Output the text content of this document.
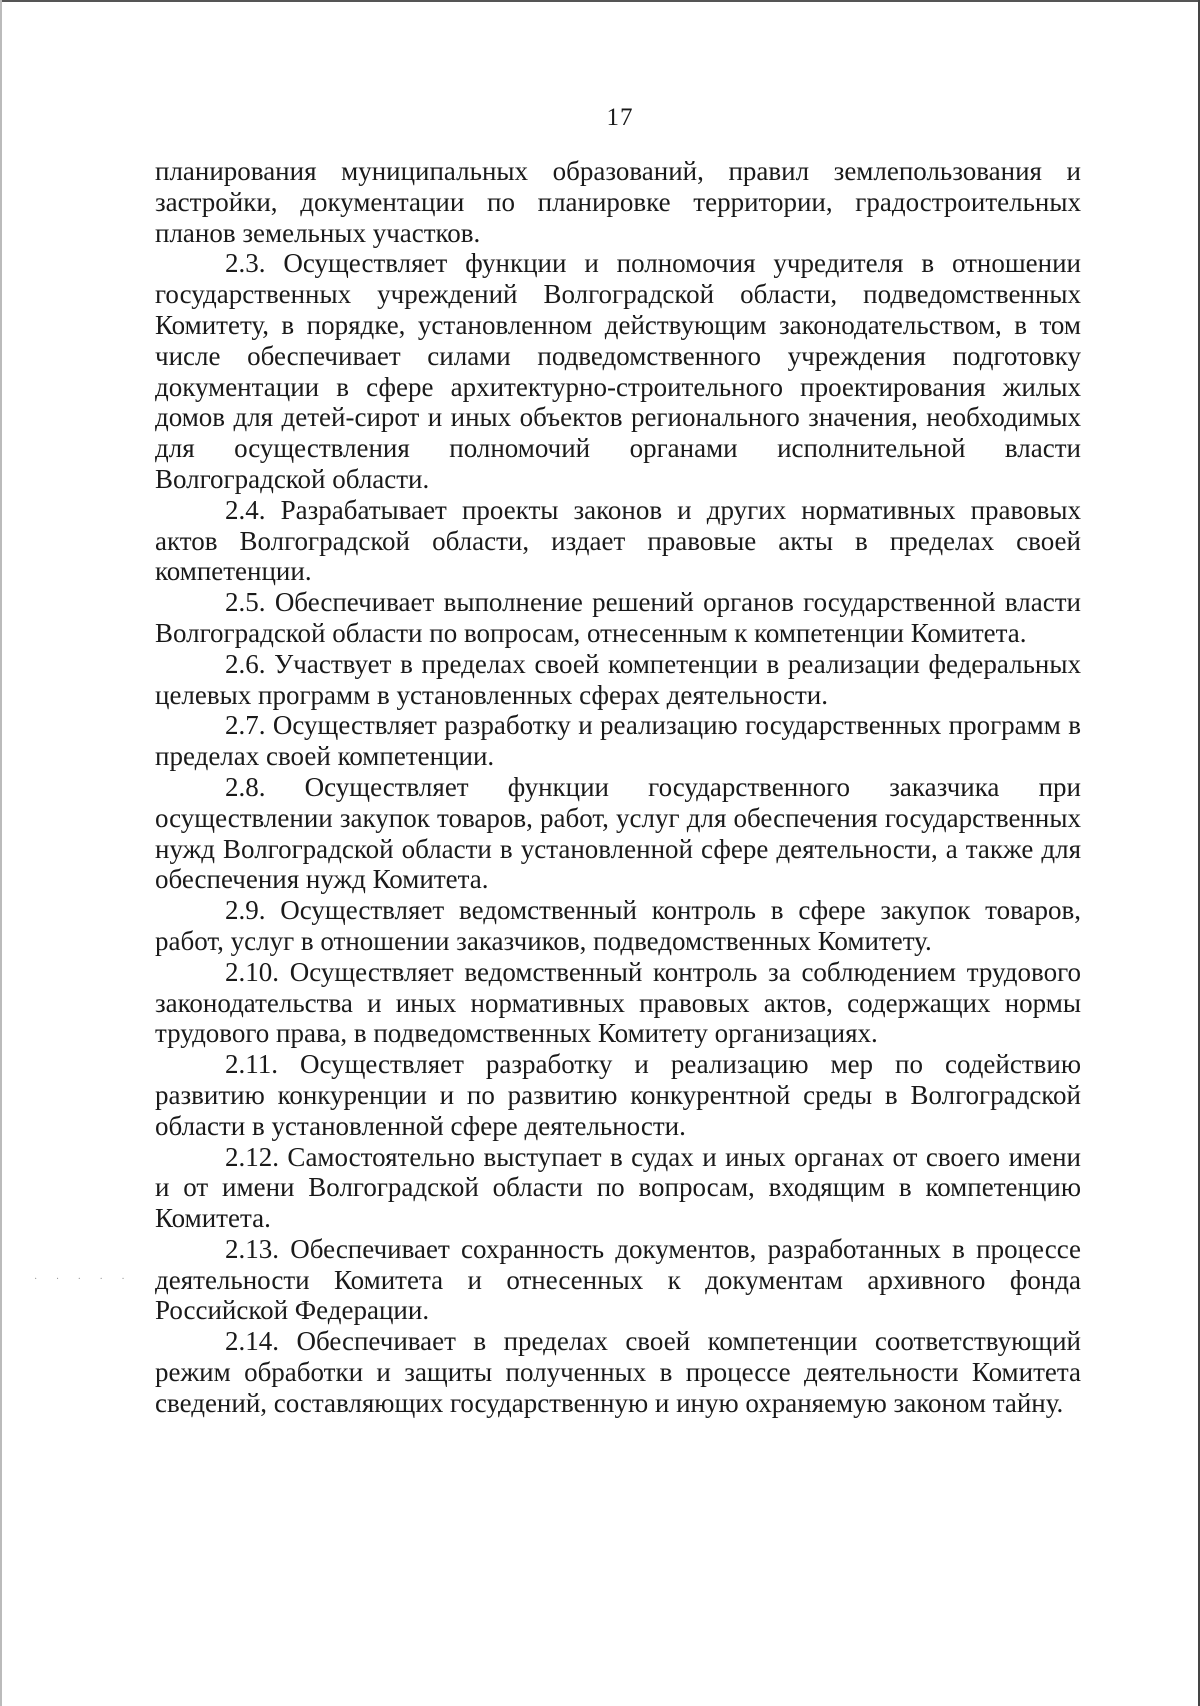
17

планирования муниципальных образований, правил землепользования и застройки, документации по планировке территории, градостроительных планов земельных участков.

2.3. Осуществляет функции и полномочия учредителя в отношении государственных учреждений Волгоградской области, подведомственных Комитету, в порядке, установленном действующим законодательством, в том числе обеспечивает силами подведомственного учреждения подготовку документации в сфере архитектурно-строительного проектирования жилых домов для детей-сирот и иных объектов регионального значения, необходимых для осуществления полномочий органами исполнительной власти Волгоградской области.

2.4. Разрабатывает проекты законов и других нормативных правовых актов Волгоградской области, издает правовые акты в пределах своей компетенции.

2.5. Обеспечивает выполнение решений органов государственной власти Волгоградской области по вопросам, отнесенным к компетенции Комитета.

2.6. Участвует в пределах своей компетенции в реализации федеральных целевых программ в установленных сферах деятельности.

2.7. Осуществляет разработку и реализацию государственных программ в пределах своей компетенции.

2.8. Осуществляет функции государственного заказчика при осуществлении закупок товаров, работ, услуг для обеспечения государственных нужд Волгоградской области в установленной сфере деятельности, а также для обеспечения нужд Комитета.

2.9. Осуществляет ведомственный контроль в сфере закупок товаров, работ, услуг в отношении заказчиков, подведомственных Комитету.

2.10. Осуществляет ведомственный контроль за соблюдением трудового законодательства и иных нормативных правовых актов, содержащих нормы трудового права, в подведомственных Комитету организациях.

2.11. Осуществляет разработку и реализацию мер по содействию развитию конкуренции и по развитию конкурентной среды в Волгоградской области в установленной сфере деятельности.

2.12. Самостоятельно выступает в судах и иных органах от своего имени и от имени Волгоградской области по вопросам, входящим в компетенцию Комитета.

2.13. Обеспечивает сохранность документов, разработанных в процессе деятельности Комитета и отнесенных к документам архивного фонда Российской Федерации.

2.14. Обеспечивает в пределах своей компетенции соответствующий режим обработки и защиты полученных в процессе деятельности Комитета сведений, составляющих государственную и иную охраняемую законом тайну.

· · · · ·
